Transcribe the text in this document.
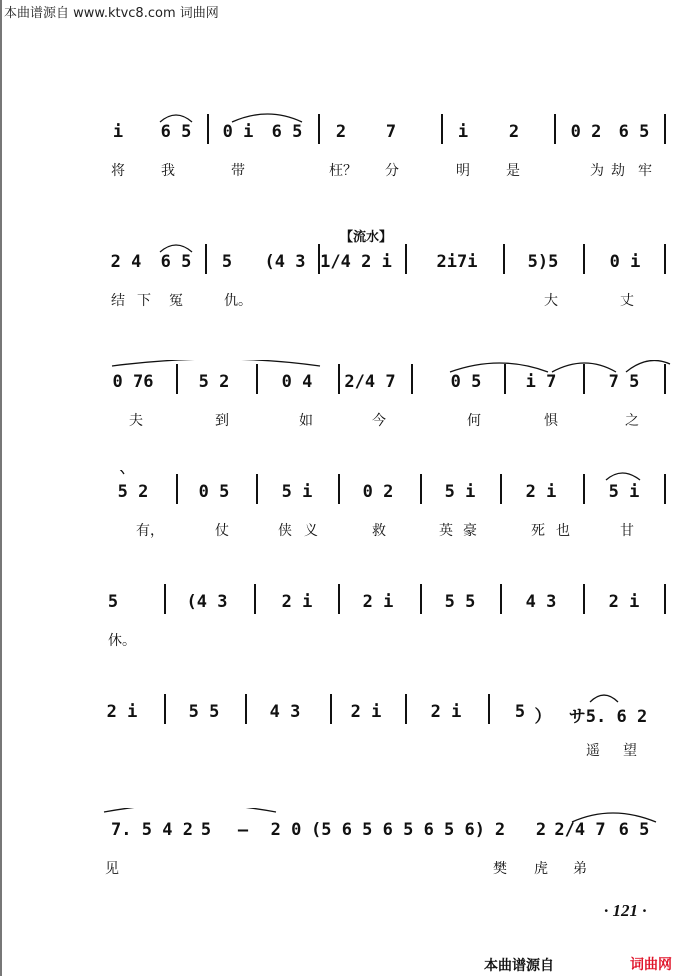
本曲谱源自 www.ktvc8.com 词曲网
i 6 5 0 i 6 5 2 7	i 2	0 2 6 5
将	我	带	枉？ 分	明	是	为 劫 牢
【流水】
2 4 6 5 5 (4 3 1/4 2 i	2i7i	5)5	0 i
结 下 冤	仇。	大	丈
0 76	5 2	0 4 2/4 7	0 5	i 7	7 5
夫	到	如	今	何	惧	之
5 2	0 5	5 i	0 2	5 i	2 i	5 i
有，	仗	侠 义	救	英 豪	死 也	甘
5	(4 3	2 i	2 i	5 5	4 3	2 i
休。
2 i	5 5	4 3	2 i	2 i	5 ） サ5. 6 2
遥 望
7. 5 4 2 5 – 2 0 (5 6 5 6 5 6 5 6) 2 2 2/4 7 6 5
见	樊 虎 弟
· 121 ·
本曲谱源自	词曲网
